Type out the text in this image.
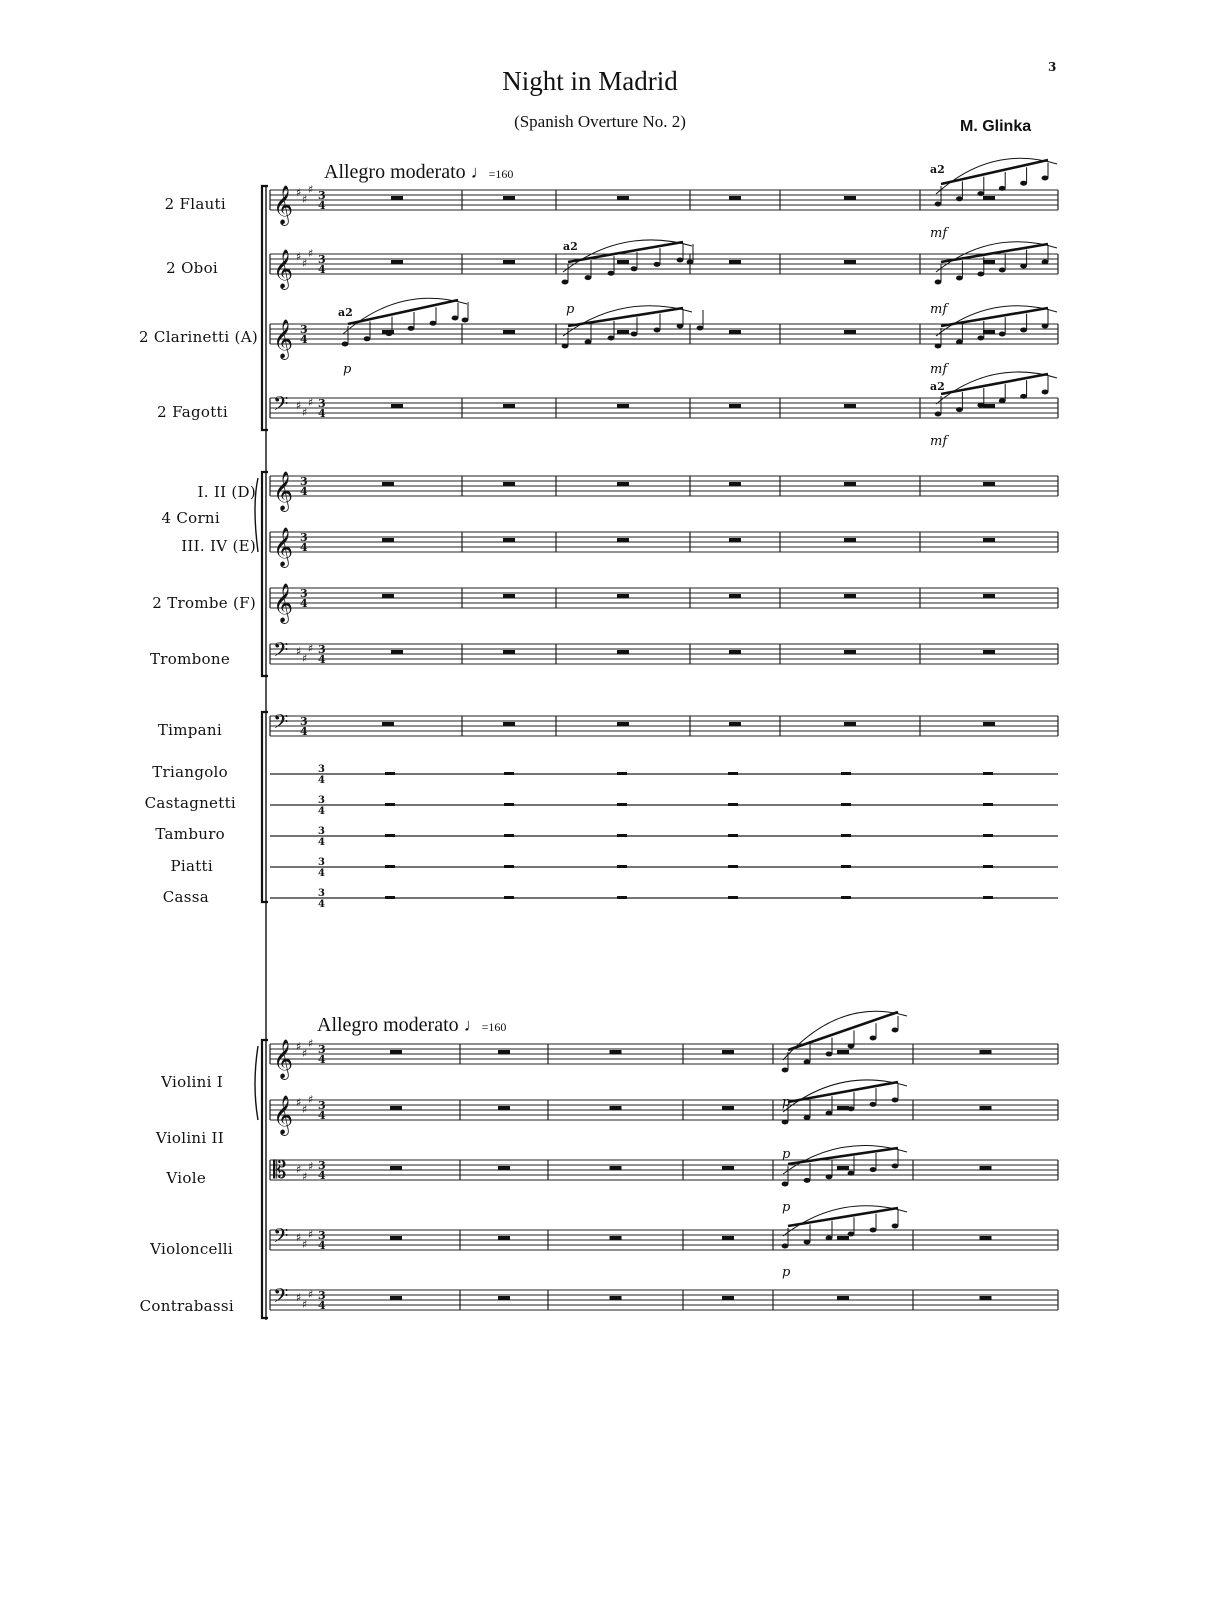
3
Night in Madrid
(Spanish Overture No. 2)	M. Glinka
Allegro moderato ♩=160
Allegro moderato ♩=160
2 Flauti
2 Oboi
2 Clarinetti (A)
2 Fagotti
I. II (D)
4 Corni
III. IV (E)
2 Trombe (F)
Trombone
Timpani
Triangolo
Castagnetti
Tamburo
Piatti
Cassa
Violini I
Violini II
Viole
Violoncelli
Contrabassi
𝄞 ♯
♯
♯ 3
4
𝄞 ♯
♯
♯ 3
4
𝄞 3
4
𝄢 ♯
♯
♯ 3
4
𝄞 3
4
𝄞 3
4
𝄞 3
4
𝄢 ♯
♯
♯ 3
4
𝄢 3
4
𝄞 ♯
♯
♯ 3
4
𝄞 ♯
♯
♯ 3
4
𝄡 ♯
♯
♯ 3
4
𝄢 ♯
♯
♯ 3
4
𝄢 ♯
♯
♯ 3
4
3
4
3
4
3
4
3
4
3
4
a2
a2
a2
a2
mf
p	mf
p	mf
mf
p
p
p
p
